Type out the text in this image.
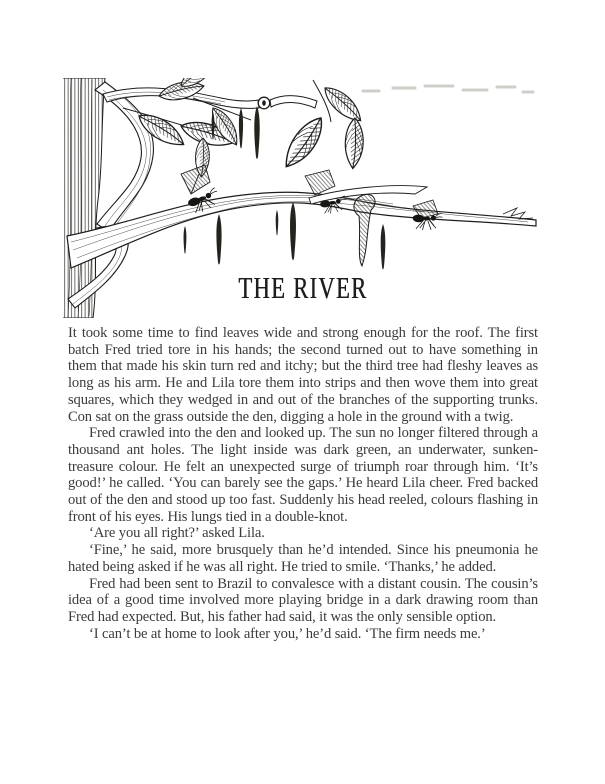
THE RIVER

It took some time to find leaves wide and strong enough for the roof. The first batch Fred tried tore in his hands; the second turned out to have something in them that made his skin turn red and itchy; but the third tree had fleshy leaves as long as his arm. He and Lila tore them into strips and then wove them into great squares, which they wedged in and out of the branches of the supporting trunks. Con sat on the grass outside the den, digging a hole in the ground with a twig.

Fred crawled into the den and looked up. The sun no longer filtered through a thousand ant holes. The light inside was dark green, an underwater, sunken-treasure colour. He felt an unexpected surge of triumph roar through him. ‘It’s good!’ he called. ‘You can barely see the gaps.’ He heard Lila cheer. Fred backed out of the den and stood up too fast. Suddenly his head reeled, colours flashing in front of his eyes. His lungs tied in a double-knot.

‘Are you all right?’ asked Lila.

‘Fine,’ he said, more brusquely than he’d intended. Since his pneumonia he hated being asked if he was all right. He tried to smile. ‘Thanks,’ he added.

Fred had been sent to Brazil to convalesce with a distant cousin. The cousin’s idea of a good time involved more playing bridge in a dark drawing room than Fred had expected. But, his father had said, it was the only sensible option.

‘I can’t be at home to look after you,’ he’d said. ‘The firm needs me.’
